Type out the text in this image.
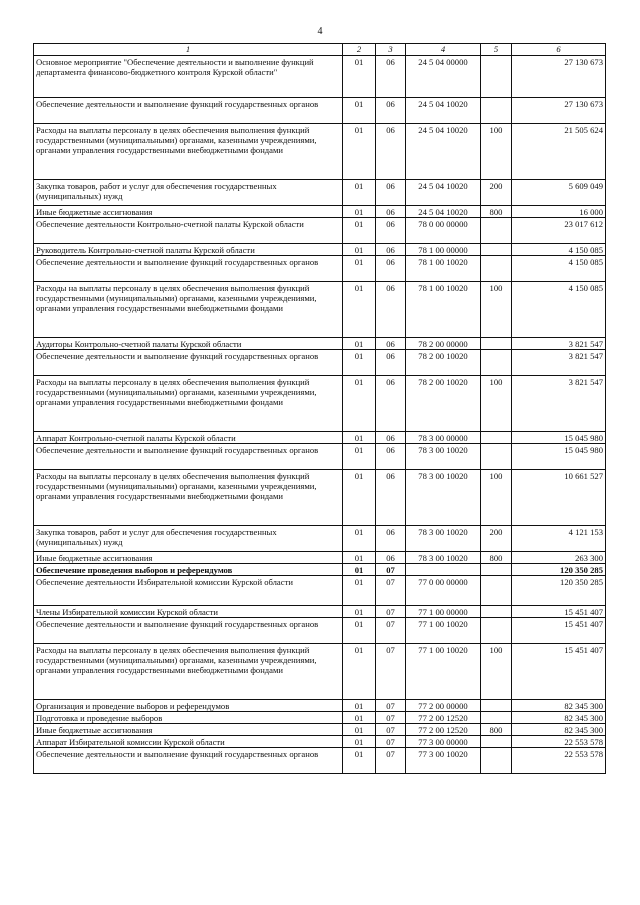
4
1	2	3	4	5	6
Основное мероприятие "Обеспечение деятельности и выполнение функций департамента финансово-бюджетного контроля Курской области"	01	06	24 5 04 00000		27 130 673
Обеспечение деятельности и выполнение функций государственных органов	01	06	24 5 04 10020		27 130 673
Расходы на выплаты персоналу в целях обеспечения выполнения функций государственными (муниципальными) органами, казенными учреждениями, органами управления государственными внебюджетными фондами	01	06	24 5 04 10020	100	21 505 624
Закупка товаров, работ и услуг для обеспечения государственных (муниципальных) нужд	01	06	24 5 04 10020	200	5 609 049
Иные бюджетные ассигнования	01	06	24 5 04 10020	800	16 000
Обеспечение деятельности Контрольно-счетной палаты Курской области	01	06	78 0 00 00000		23 017 612
Руководитель Контрольно-счетной палаты Курской области	01	06	78 1 00 00000		4 150 085
Обеспечение деятельности и выполнение функций государственных органов	01	06	78 1 00 10020		4 150 085
Расходы на выплаты персоналу в целях обеспечения выполнения функций государственными (муниципальными) органами, казенными учреждениями, органами управления государственными внебюджетными фондами	01	06	78 1 00 10020	100	4 150 085
Аудиторы Контрольно-счетной палаты Курской области	01	06	78 2 00 00000		3 821 547
Обеспечение деятельности и выполнение функций государственных органов	01	06	78 2 00 10020		3 821 547
Расходы на выплаты персоналу в целях обеспечения выполнения функций государственными (муниципальными) органами, казенными учреждениями, органами управления государственными внебюджетными фондами	01	06	78 2 00 10020	100	3 821 547
Аппарат Контрольно-счетной палаты Курской области	01	06	78 3 00 00000		15 045 980
Обеспечение деятельности и выполнение функций государственных органов	01	06	78 3 00 10020		15 045 980
Расходы на выплаты персоналу в целях обеспечения выполнения функций государственными (муниципальными) органами, казенными учреждениями, органами управления государственными внебюджетными фондами	01	06	78 3 00 10020	100	10 661 527
Закупка товаров, работ и услуг для обеспечения государственных (муниципальных) нужд	01	06	78 3 00 10020	200	4 121 153
Иные бюджетные ассигнования	01	06	78 3 00 10020	800	263 300
Обеспечение проведения выборов и референдумов	01	07			120 350 285
Обеспечение деятельности Избирательной комиссии Курской области	01	07	77 0 00 00000		120 350 285
Члены Избирательной комиссии Курской области	01	07	77 1 00 00000		15 451 407
Обеспечение деятельности и выполнение функций государственных органов	01	07	77 1 00 10020		15 451 407
Расходы на выплаты персоналу в целях обеспечения выполнения функций государственными (муниципальными) органами, казенными учреждениями, органами управления государственными внебюджетными фондами	01	07	77 1 00 10020	100	15 451 407
Организация и проведение выборов и референдумов	01	07	77 2 00 00000		82 345 300
Подготовка и проведение выборов	01	07	77 2 00 12520		82 345 300
Иные бюджетные ассигнования	01	07	77 2 00 12520	800	82 345 300
Аппарат Избирательной комиссии Курской области	01	07	77 3 00 00000		22 553 578
Обеспечение деятельности и выполнение функций государственных органов	01	07	77 3 00 10020		22 553 578
